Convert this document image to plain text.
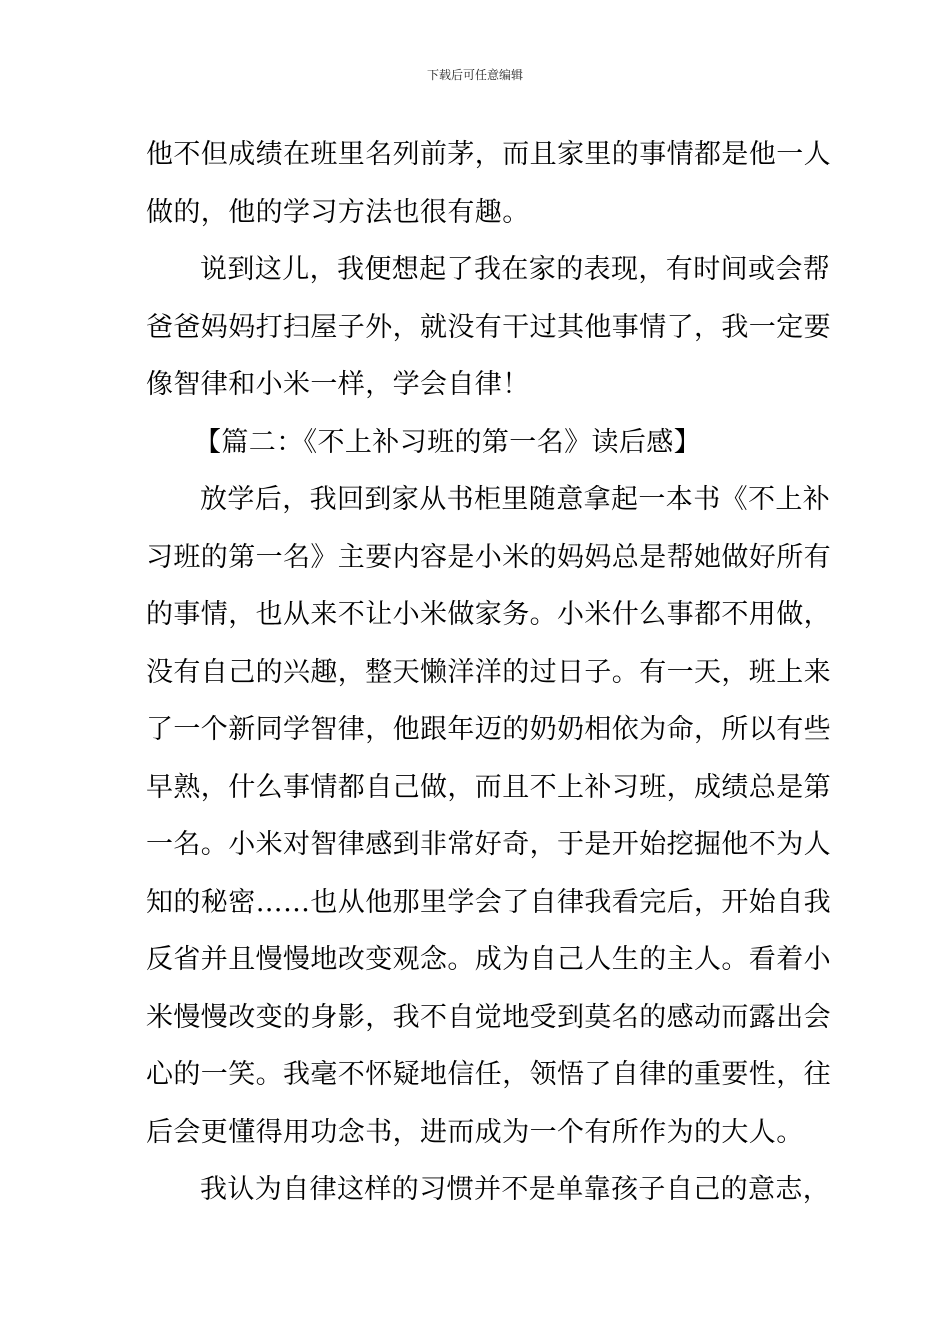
下载后可任意编辑
他不但成绩在班里名列前茅，而且家里的事情都是他一人
做的，他的学习方法也很有趣。
说到这儿，我便想起了我在家的表现，有时间或会帮
爸爸妈妈打扫屋子外，就没有干过其他事情了，我一定要
像智律和小米一样，学会自律！
【篇二：《不上补习班的第一名》读后感】
放学后，我回到家从书柜里随意拿起一本书《不上补
习班的第一名》主要内容是小米的妈妈总是帮她做好所有
的事情，也从来不让小米做家务。小米什么事都不用做，
没有自己的兴趣，整天懒洋洋的过日子。有一天，班上来
了一个新同学智律，他跟年迈的奶奶相依为命，所以有些
早熟，什么事情都自己做，而且不上补习班，成绩总是第
一名。小米对智律感到非常好奇，于是开始挖掘他不为人
知的秘密……也从他那里学会了自律我看完后，开始自我
反省并且慢慢地改变观念。成为自己人生的主人。看着小
米慢慢改变的身影，我不自觉地受到莫名的感动而露出会
心的一笑。我毫不怀疑地信任，领悟了自律的重要性，往
后会更懂得用功念书，进而成为一个有所作为的大人。
我认为自律这样的习惯并不是单靠孩子自己的意志，
